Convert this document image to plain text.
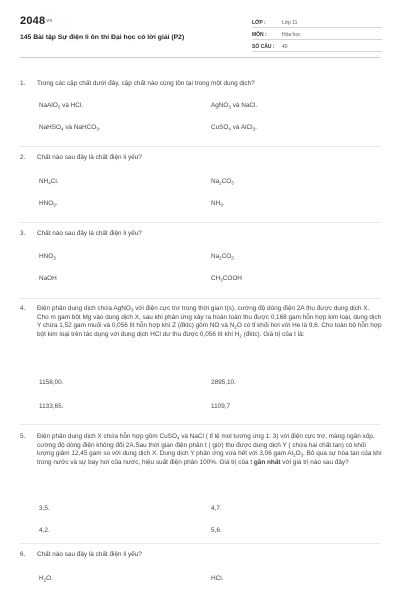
2048vn
145 Bài tập Sự điện li ôn thi Đại học có lời giải (P2)
LỚP :	Lớp 11
MÔN :	Hóa học
SỐ CÂU :	40
1.	Trong các cặp chất dưới đây, cặp chất nào cùng tồn tại trong một dung dịch?
NaAlO$_2$ và HCl.	AgNO$_3$ và NaCl.
NaHSO$_4$ và NaHCO$_3$.	CuSO$_4$ và AlCl$_3$.
2.	Chất nào sau đây là chất điện li yếu?
$NH_4Cl$.	$Na_2CO_3$
$HNO_3$.	$NH_3$.
3.	Chất nào sau đây là chất điện li yếu?
$HNO_3$	$Na_2CO_3$
NaOH	$CH_3COOH$
4.	Điện phân dung dịch chứa AgNO$_3$ với điện cực trơ trong thời gian t(s), cường độ dòng điện 2A thu được dung dịch X. Cho m gam bột Mg vào dung dịch X, sau khi phản ứng xảy ra hoàn toàn thu được 0,168 gam hỗn hợp kim loại, dung dịch Y chứa 1,52 gam muối và 0,056 lít hỗn hợp khí Z (đktc) gồm NO và $N_2O$ có tỉ khối hơi với He là 9,6. Cho toàn bộ hỗn hợp bột kim loại trên tác dụng với dung dịch HCl dư thu được 0,056 lít khí $H_2$ (đktc). Giá trị của t là:
1158,00.	2895,10.
1133,65.	1109,7
5.	Điện phân dung dịch X chứa hỗn hợp gồm CuSO$_4$ và NaCl ( tỉ lệ mol tương ứng 1: 3) với điện cực trơ, màng ngăn xốp, cường độ dòng điện không đổi 2A.Sau thời gian điện phân t ( giờ) thu được dung dịch Y ( chứa hai chất tan) có khối lượng giảm 12,45 gam so với dung dịch X. Dung dịch Y phản ứng vừa hết với 3,06 gam $Al_2O_3$. Bỏ qua sự hòa tan của khí trong nước và sự bay hơi của nước, hiệu suất điện phân 100%. Giá trị của t gần nhất với giá trị nào sau đây?
3,5.	4,7.
4,2.	5,6.
6.	Chất nào sau đây là chất điện li yếu?
$H_2O$.	HCl.
